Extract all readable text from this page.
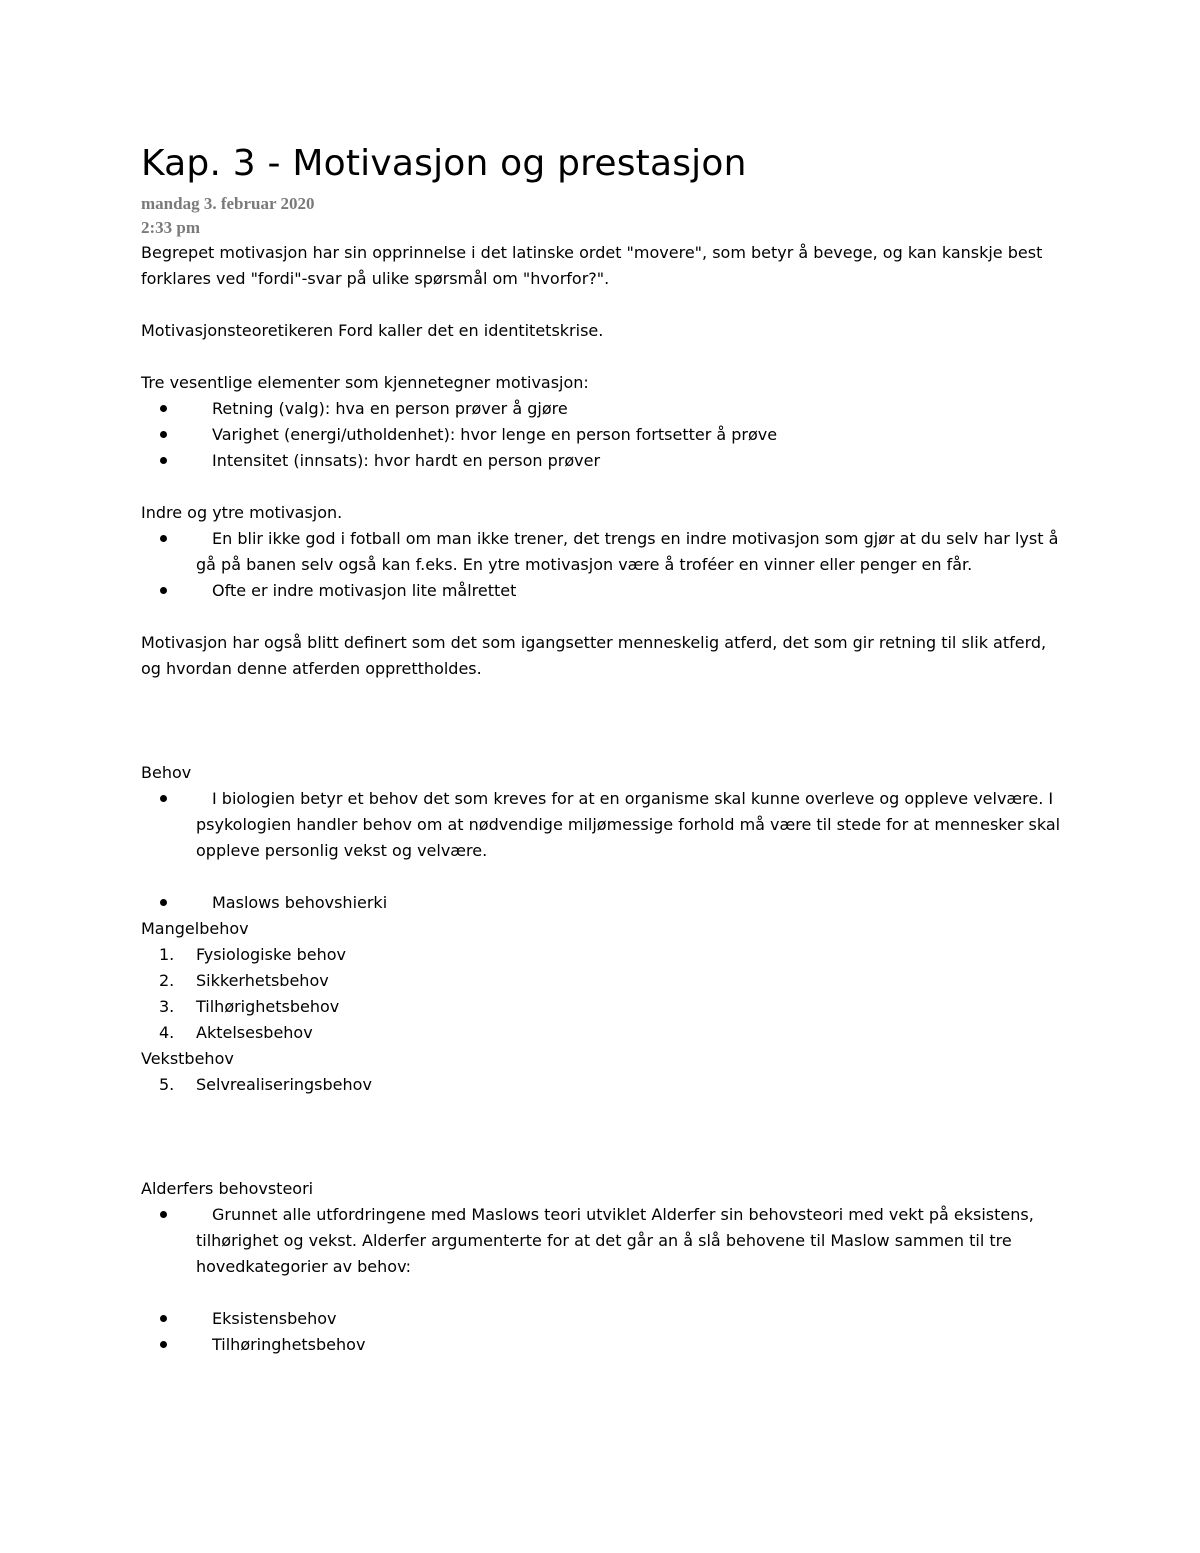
Kap. 3 - Motivasjon og prestasjon
mandag 3. februar 2020
2:33 pm

Begrepet motivasjon har sin opprinnelse i det latinske ordet "movere", som betyr å bevege, og kan kanskje best forklares ved "fordi"-svar på ulike spørsmål om "hvorfor?".

Motivasjonsteoretikeren Ford kaller det en identitetskrise.

Tre vesentlige elementer som kjennetegner motivasjon:

Retning (valg): hva en person prøver å gjøre
Varighet (energi/utholdenhet): hvor lenge en person fortsetter å prøve
Intensitet (innsats): hvor hardt en person prøver

Indre og ytre motivasjon.

En blir ikke god i fotball om man ikke trener, det trengs en indre motivasjon som gjør at du selv har lyst å gå på banen selv også kan f.eks. En ytre motivasjon være å troféer en vinner eller penger en får.
Ofte er indre motivasjon lite målrettet

Motivasjon har også blitt definert som det som igangsetter menneskelig atferd, det som gir retning til slik atferd, og hvordan denne atferden opprettholdes.

Behov

I biologien betyr et behov det som kreves for at en organisme skal kunne overleve og oppleve velvære. I psykologien handler behov om at nødvendige miljømessige forhold må være til stede for at mennesker skal oppleve personlig vekst og velvære.
Maslows behovshierki

Mangelbehov

1. Fysiologiske behov
2. Sikkerhetsbehov
3. Tilhørighetsbehov
4. Aktelsesbehov

Vekstbehov

5. Selvrealiseringsbehov

Alderfers behovsteori

Grunnet alle utfordringene med Maslows teori utviklet Alderfer sin behovsteori med vekt på eksistens, tilhørighet og vekst. Alderfer argumenterte for at det går an å slå behovene til Maslow sammen til tre hovedkategorier av behov:
Eksistensbehov
Tilhøringhetsbehov
